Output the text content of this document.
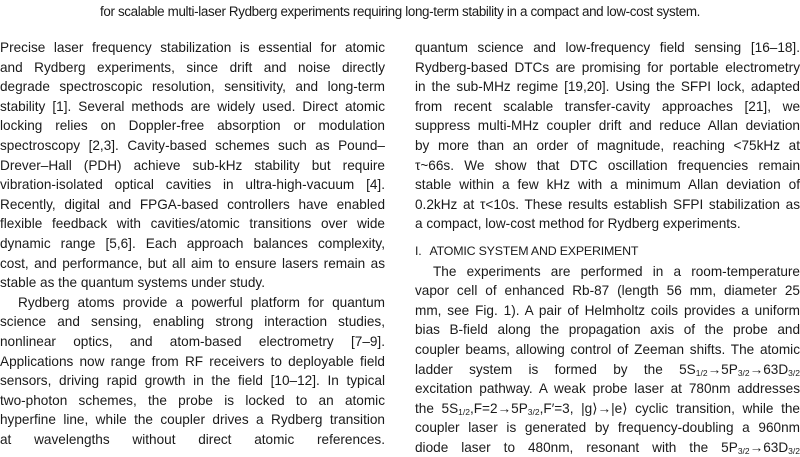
for scalable multi-laser Rydberg experiments requiring long-term stability in a compact and low-cost system.
Precise laser frequency stabilization is essential for atomic
and Rydberg experiments, since drift and noise directly
degrade spectroscopic resolution, sensitivity, and long-term
stability [1]. Several methods are widely used. Direct atomic
locking relies on Doppler-free absorption or modulation
spectroscopy [2,3]. Cavity-based schemes such as Pound–
Drever–Hall (PDH) achieve sub-kHz stability but require
vibration-isolated optical cavities in ultra-high-vacuum [4].
Recently, digital and FPGA-based controllers have enabled
flexible feedback with cavities/atomic transitions over wide
dynamic range [5,6]. Each approach balances complexity,
cost, and performance, but all aim to ensure lasers remain as
stable as the quantum systems under study.
Rydberg atoms provide a powerful platform for quantum
science and sensing, enabling strong interaction studies,
nonlinear optics, and atom-based electrometry [7–9].
Applications now range from RF receivers to deployable field
sensors, driving rapid growth in the field [10–12]. In typical
two-photon schemes, the probe is locked to an atomic
hyperfine line, while the coupler drives a Rydberg transition
at wavelengths without direct atomic references.
quantum science and low-frequency field sensing [16–18].
Rydberg-based DTCs are promising for portable electrometry
in the sub-MHz regime [19,20]. Using the SFPI lock, adapted
from recent scalable transfer-cavity approaches [21], we
suppress multi-MHz coupler drift and reduce Allan deviation
by more than an order of magnitude, reaching <75kHz at
τ~66s. We show that DTC oscillation frequencies remain
stable within a few kHz with a minimum Allan deviation of
0.2kHz at τ<10s. These results establish SFPI stabilization as
a compact, low-cost method for Rydberg experiments.
I. ATOMIC SYSTEM AND EXPERIMENT
The experiments are performed in a room-temperature
vapor cell of enhanced Rb-87 (length 56 mm, diameter 25
mm, see Fig. 1). A pair of Helmholtz coils provides a uniform
bias B-field along the propagation axis of the probe and
coupler beams, allowing control of Zeeman shifts. The atomic
ladder system is formed by the $5S_{1/2}\to 5P_{3/2}\to 63D_{3/2}$
excitation pathway. A weak probe laser at 780nm addresses
the $5S_{1/2},F=2\to 5P_{3/2},F'=3$, |g⟩→|e⟩ cyclic transition, while the
coupler laser is generated by frequency-doubling a 960nm
diode laser to 480nm, resonant with the $5P_{3/2}\to 63D_{3/2}$
